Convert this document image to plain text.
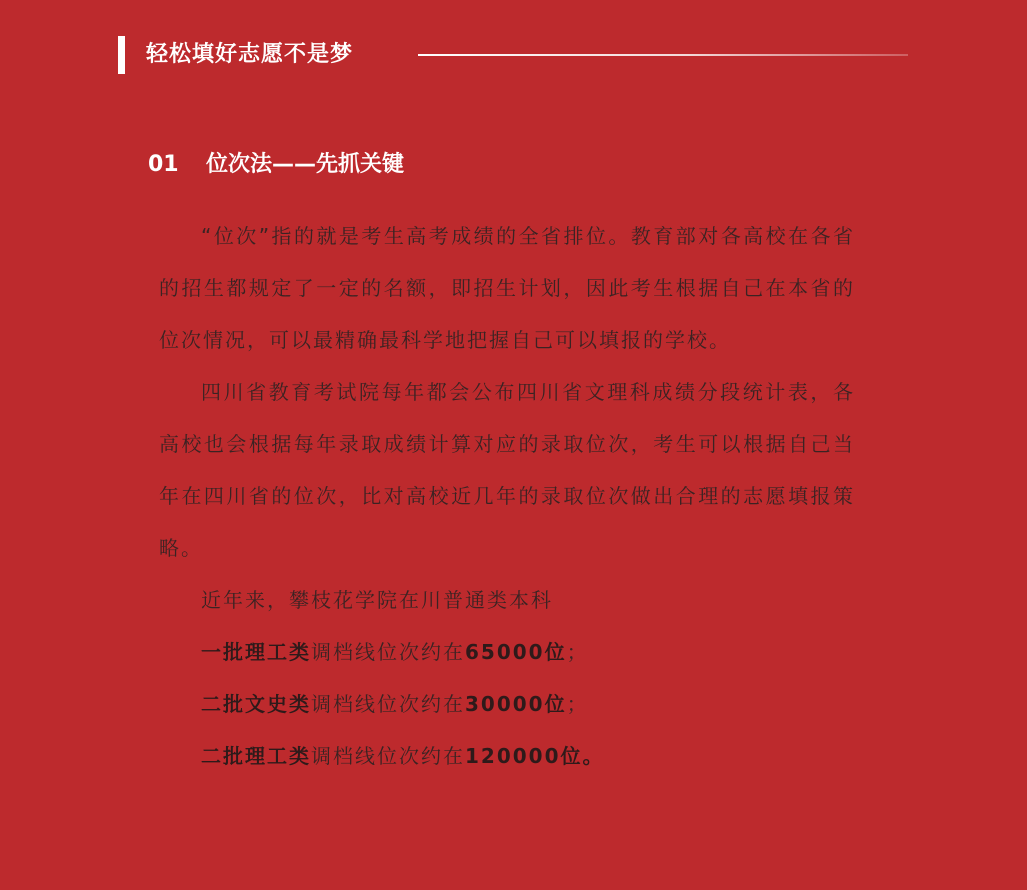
轻松填好志愿不是梦
01 位次法——先抓关键

“位次”指的就是考生高考成绩的全省排位。教育部对各高校在各省的招生都规定了一定的名额，即招生计划，因此考生根据自己在本省的位次情况，可以最精确最科学地把握自己可以填报的学校。

四川省教育考试院每年都会公布四川省文理科成绩分段统计表，各高校也会根据每年录取成绩计算对应的录取位次，考生可以根据自己当年在四川省的位次，比对高校近几年的录取位次做出合理的志愿填报策略。

近年来，攀枝花学院在川普通类本科

一批理工类调档线位次约在65000位；

二批文史类调档线位次约在30000位；

二批理工类调档线位次约在120000位。
